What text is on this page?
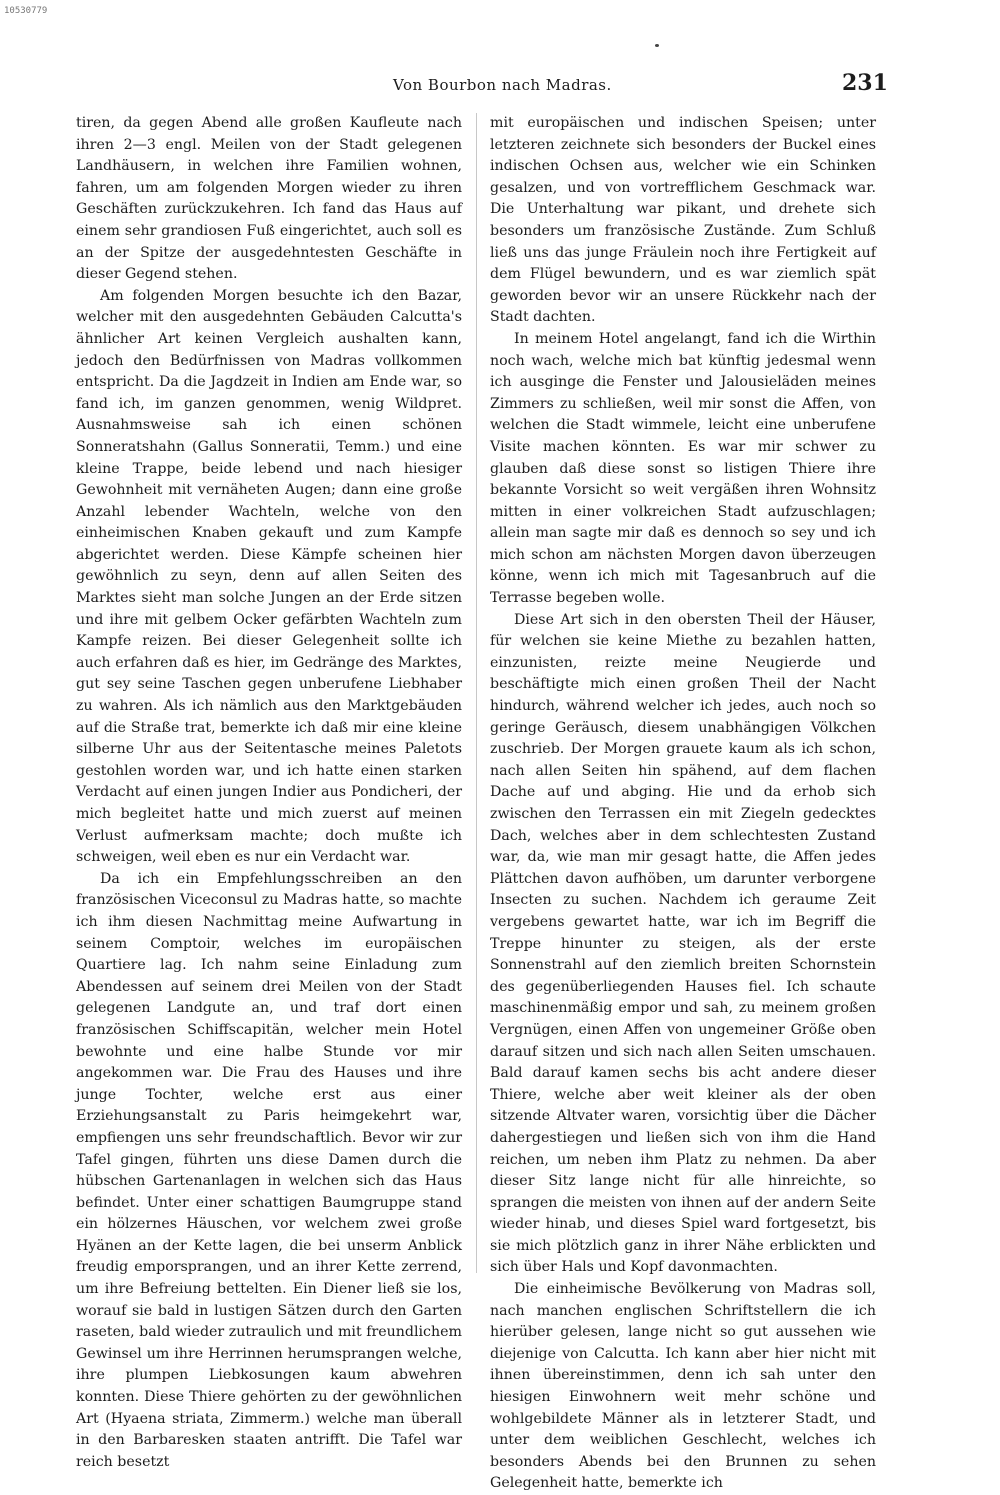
10530779
Von Bourbon nach Madras.	231

tiren, da gegen Abend alle großen Kaufleute nach ihren 2—3 engl. Meilen von der Stadt gelegenen Landhäusern, in welchen ihre Familien wohnen, fahren, um am folgenden Morgen wieder zu ihren Geschäften zurückzukehren. Ich fand das Haus auf einem sehr grandiosen Fuß eingerichtet, auch soll es an der Spitze der ausgedehntesten Geschäfte in dieser Gegend stehen.

Am folgenden Morgen besuchte ich den Bazar, welcher mit den ausgedehnten Gebäuden Calcutta's ähnlicher Art keinen Vergleich aushalten kann, jedoch den Bedürfnissen von Madras vollkommen entspricht. Da die Jagdzeit in Indien am Ende war, so fand ich, im ganzen genommen, wenig Wildpret. Ausnahmsweise sah ich einen schönen Sonneratshahn (Gallus Sonneratii, Temm.) und eine kleine Trappe, beide lebend und nach hiesiger Gewohnheit mit vernäheten Augen; dann eine große Anzahl lebender Wachteln, welche von den einheimischen Knaben gekauft und zum Kampfe abgerichtet werden. Diese Kämpfe scheinen hier gewöhnlich zu seyn, denn auf allen Seiten des Marktes sieht man solche Jungen an der Erde sitzen und ihre mit gelbem Ocker gefärbten Wachteln zum Kampfe reizen. Bei dieser Gelegenheit sollte ich auch erfahren daß es hier, im Gedränge des Marktes, gut sey seine Taschen gegen unberufene Liebhaber zu wahren. Als ich nämlich aus den Marktgebäuden auf die Straße trat, bemerkte ich daß mir eine kleine silberne Uhr aus der Seitentasche meines Paletots gestohlen worden war, und ich hatte einen starken Verdacht auf einen jungen Indier aus Pondicheri, der mich begleitet hatte und mich zuerst auf meinen Verlust aufmerksam machte; doch mußte ich schweigen, weil eben es nur ein Verdacht war.

Da ich ein Empfehlungsschreiben an den französischen Viceconsul zu Madras hatte, so machte ich ihm diesen Nachmittag meine Aufwartung in seinem Comptoir, welches im europäischen Quartiere lag. Ich nahm seine Einladung zum Abendessen auf seinem drei Meilen von der Stadt gelegenen Landgute an, und traf dort einen französischen Schiffscapitän, welcher mein Hotel bewohnte und eine halbe Stunde vor mir angekommen war. Die Frau des Hauses und ihre junge Tochter, welche erst aus einer Erziehungsanstalt zu Paris heimgekehrt war, empfiengen uns sehr freundschaftlich. Bevor wir zur Tafel gingen, führten uns diese Damen durch die hübschen Gartenanlagen in welchen sich das Haus befindet. Unter einer schattigen Baumgruppe stand ein hölzernes Häuschen, vor welchem zwei große Hyänen an der Kette lagen, die bei unserm Anblick freudig emporsprangen, und an ihrer Kette zerrend, um ihre Befreiung bettelten. Ein Diener ließ sie los, worauf sie bald in lustigen Sätzen durch den Garten raseten, bald wieder zutraulich und mit freundlichem Gewinsel um ihre Herrinnen herumsprangen welche, ihre plumpen Liebkosungen kaum abwehren konnten. Diese Thiere gehörten zu der gewöhnlichen Art (Hyaena striata, Zimmerm.) welche man überall in den Barbaresken staaten antrifft. Die Tafel war reich besetzt

mit europäischen und indischen Speisen; unter letzteren zeichnete sich besonders der Buckel eines indischen Ochsen aus, welcher wie ein Schinken gesalzen, und von vortrefflichem Geschmack war. Die Unterhaltung war pikant, und drehete sich besonders um französische Zustände. Zum Schluß ließ uns das junge Fräulein noch ihre Fertigkeit auf dem Flügel bewundern, und es war ziemlich spät geworden bevor wir an unsere Rückkehr nach der Stadt dachten.

In meinem Hotel angelangt, fand ich die Wirthin noch wach, welche mich bat künftig jedesmal wenn ich ausginge die Fenster und Jalousieläden meines Zimmers zu schließen, weil mir sonst die Affen, von welchen die Stadt wimmele, leicht eine unberufene Visite machen könnten. Es war mir schwer zu glauben daß diese sonst so listigen Thiere ihre bekannte Vorsicht so weit vergäßen ihren Wohnsitz mitten in einer volkreichen Stadt aufzuschlagen; allein man sagte mir daß es dennoch so sey und ich mich schon am nächsten Morgen davon überzeugen könne, wenn ich mich mit Tagesanbruch auf die Terrasse begeben wolle.

Diese Art sich in den obersten Theil der Häuser, für welchen sie keine Miethe zu bezahlen hatten, einzunisten, reizte meine Neugierde und beschäftigte mich einen großen Theil der Nacht hindurch, während welcher ich jedes, auch noch so geringe Geräusch, diesem unabhängigen Völkchen zuschrieb. Der Morgen grauete kaum als ich schon, nach allen Seiten hin spähend, auf dem flachen Dache auf und abging. Hie und da erhob sich zwischen den Terrassen ein mit Ziegeln gedecktes Dach, welches aber in dem schlechtesten Zustand war, da, wie man mir gesagt hatte, die Affen jedes Plättchen davon aufhöben, um darunter verborgene Insecten zu suchen. Nachdem ich geraume Zeit vergebens gewartet hatte, war ich im Begriff die Treppe hinunter zu steigen, als der erste Sonnenstrahl auf den ziemlich breiten Schornstein des gegenüberliegenden Hauses fiel. Ich schaute maschinenmäßig empor und sah, zu meinem großen Vergnügen, einen Affen von ungemeiner Größe oben darauf sitzen und sich nach allen Seiten umschauen. Bald darauf kamen sechs bis acht andere dieser Thiere, welche aber weit kleiner als der oben sitzende Altvater waren, vorsichtig über die Dächer dahergestiegen und ließen sich von ihm die Hand reichen, um neben ihm Platz zu nehmen. Da aber dieser Sitz lange nicht für alle hinreichte, so sprangen die meisten von ihnen auf der andern Seite wieder hinab, und dieses Spiel ward fortgesetzt, bis sie mich plötzlich ganz in ihrer Nähe erblickten und sich über Hals und Kopf davonmachten.

Die einheimische Bevölkerung von Madras soll, nach manchen englischen Schriftstellern die ich hierüber gelesen, lange nicht so gut aussehen wie diejenige von Calcutta. Ich kann aber hier nicht mit ihnen übereinstimmen, denn ich sah unter den hiesigen Einwohnern weit mehr schöne und wohlgebildete Männer als in letzterer Stadt, und unter dem weiblichen Geschlecht, welches ich besonders Abends bei den Brunnen zu sehen Gelegenheit hatte, bemerkte ich
